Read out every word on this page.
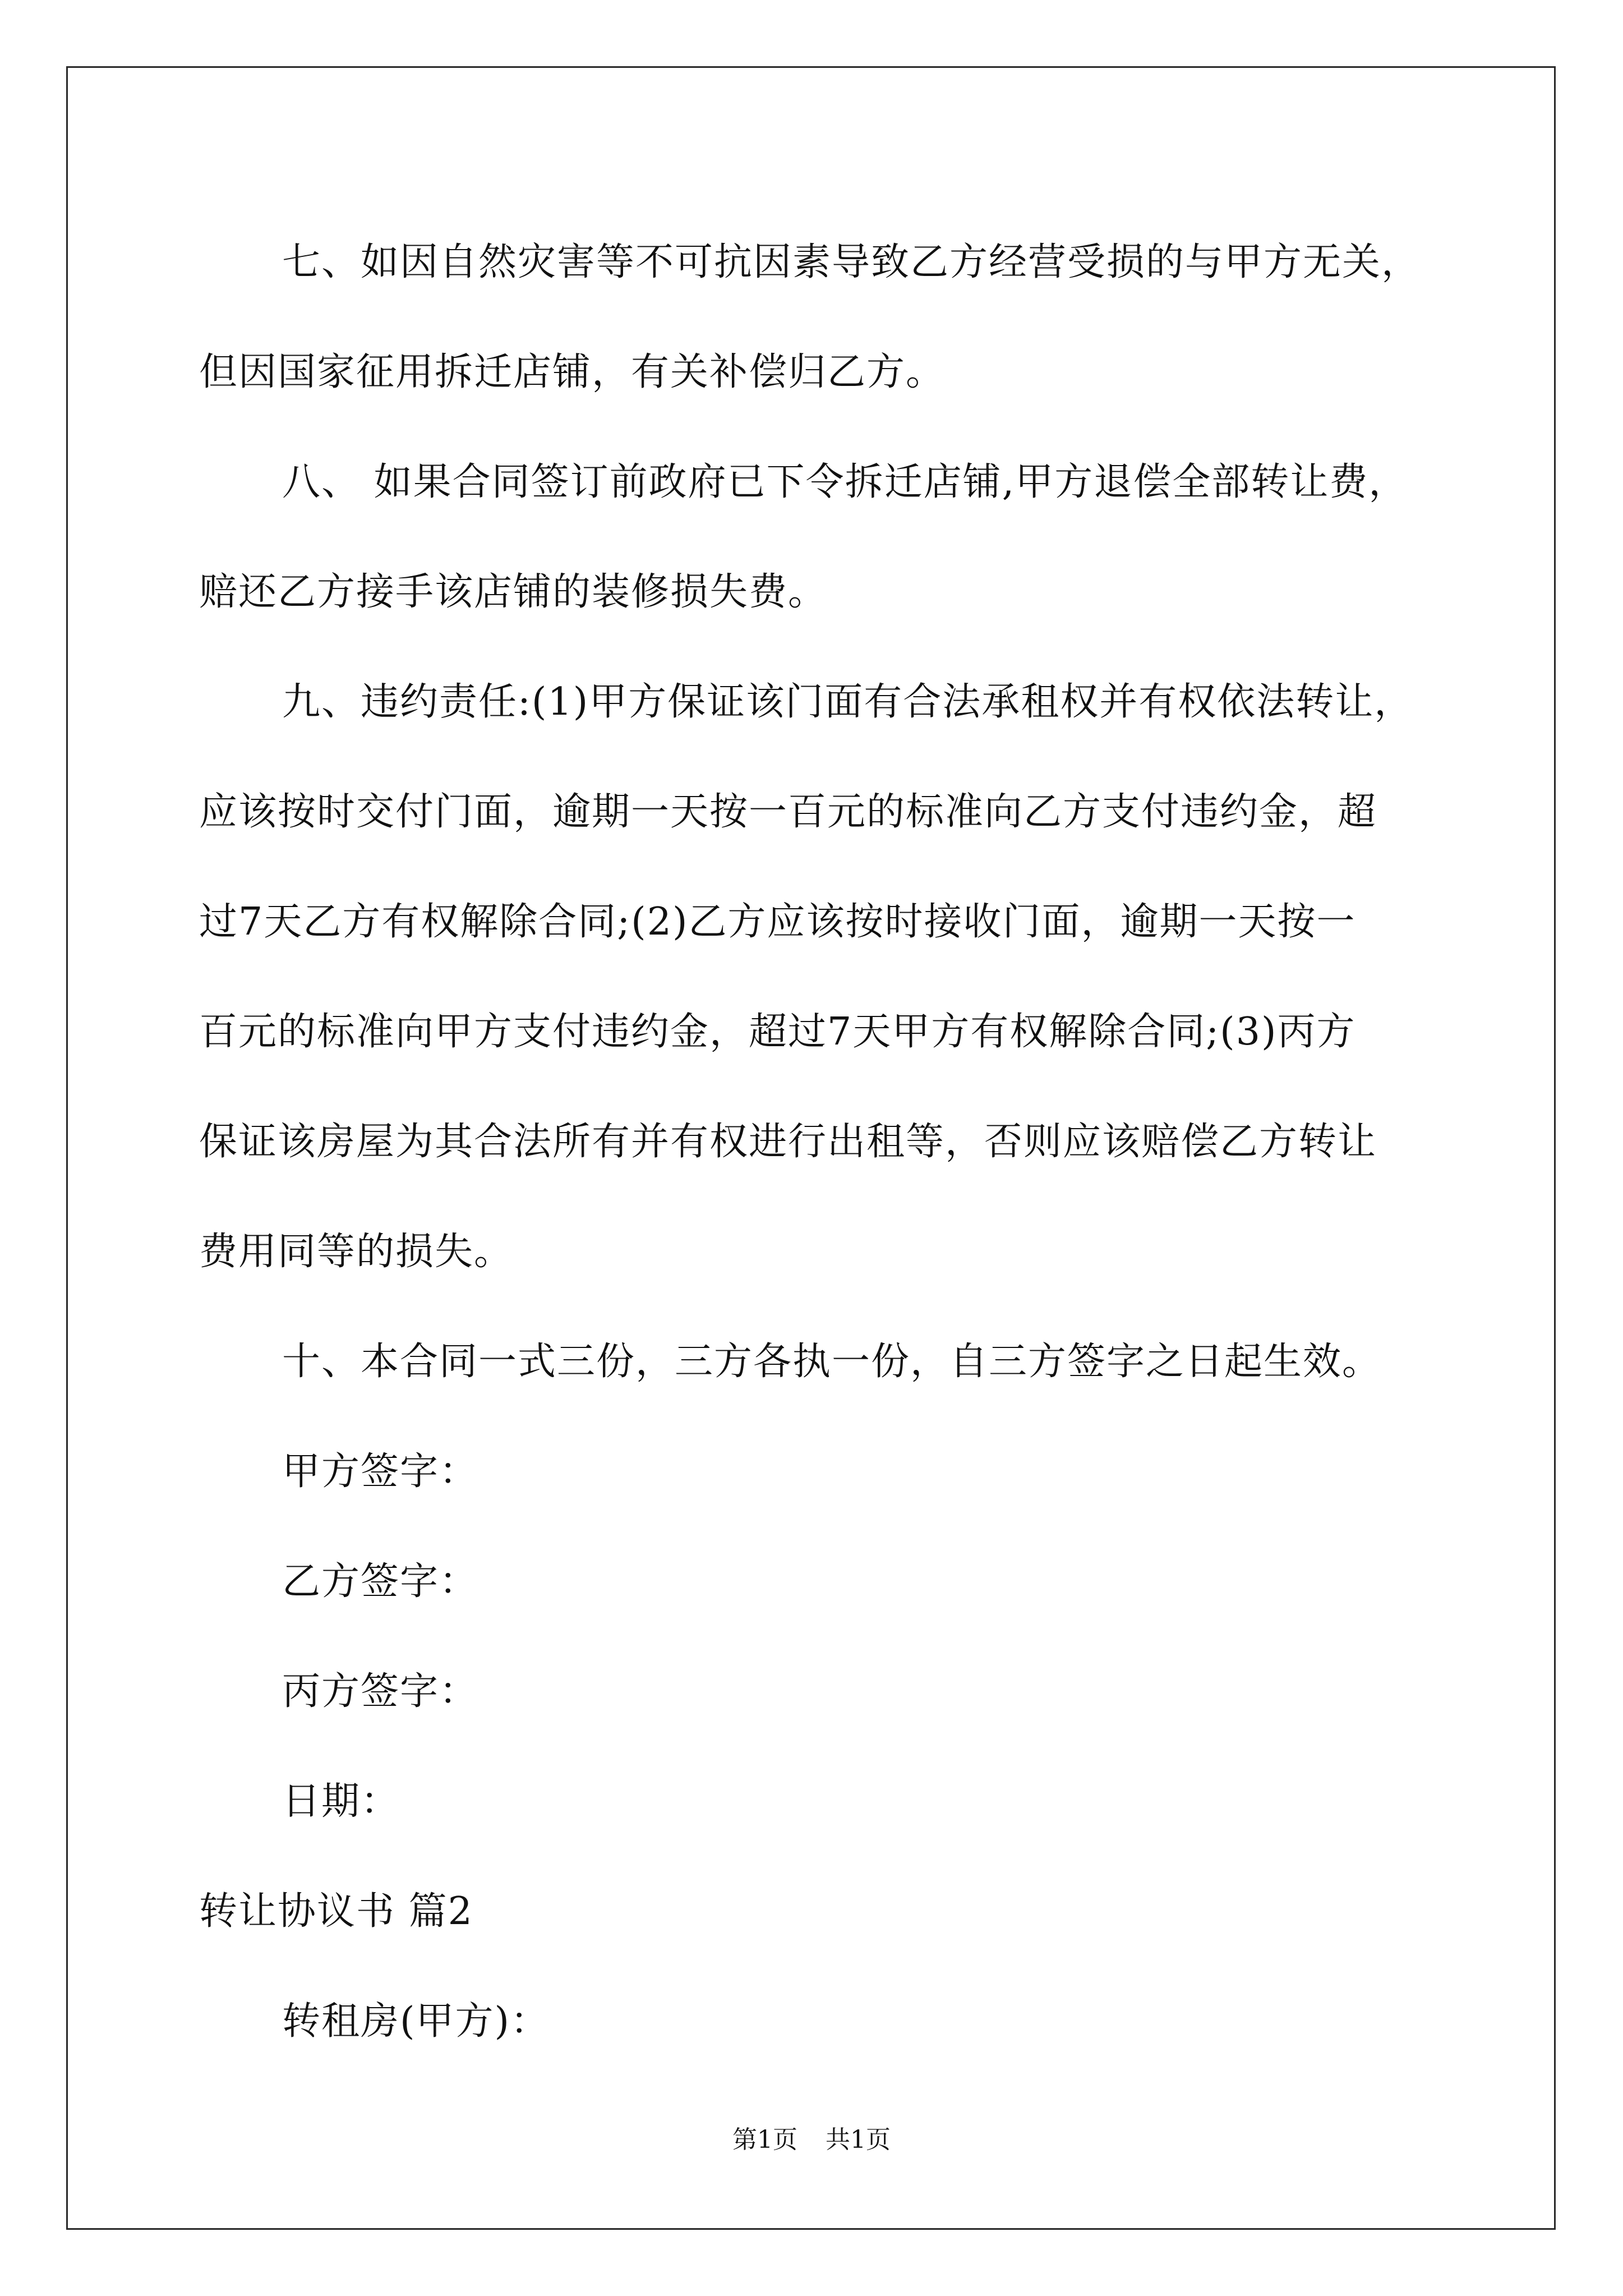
七、如因自然灾害等不可抗因素导致乙方经营受损的与甲方无关，
但因国家征用拆迁店铺，有关补偿归乙方。

八、 如果合同签订前政府已下令拆迁店铺,甲方退偿全部转让费，
赔还乙方接手该店铺的装修损失费。

九、违约责任:(1)甲方保证该门面有合法承租权并有权依法转让，
应该按时交付门面，逾期一天按一百元的标准向乙方支付违约金，超
过7天乙方有权解除合同;(2)乙方应该按时接收门面，逾期一天按一
百元的标准向甲方支付违约金，超过7天甲方有权解除合同;(3)丙方
保证该房屋为其合法所有并有权进行出租等，否则应该赔偿乙方转让
费用同等的损失。

十、本合同一式三份，三方各执一份，自三方签字之日起生效。

甲方签字：

乙方签字：

丙方签字：

日期：

转让协议书 篇2

转租房(甲方)：

第1页 共1页
